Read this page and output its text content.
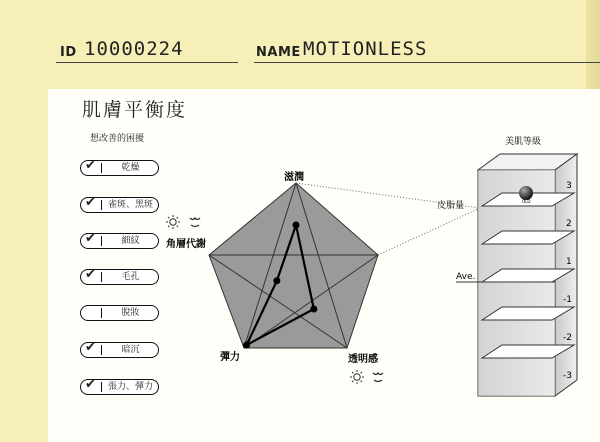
ID 10000224	NAME MOTIONLESS
肌膚平衡度
想改善的困擾
✔	乾燥
✔	雀斑、黑斑
✔	細紋
✔	毛孔
脫妝
✔	暗沉
✔	張力、彈力
滋潤
透明感
彈力
角層代謝
美肌等級
皮脂量
Ave.
3
2
1
-1
-2
-3
OLD
